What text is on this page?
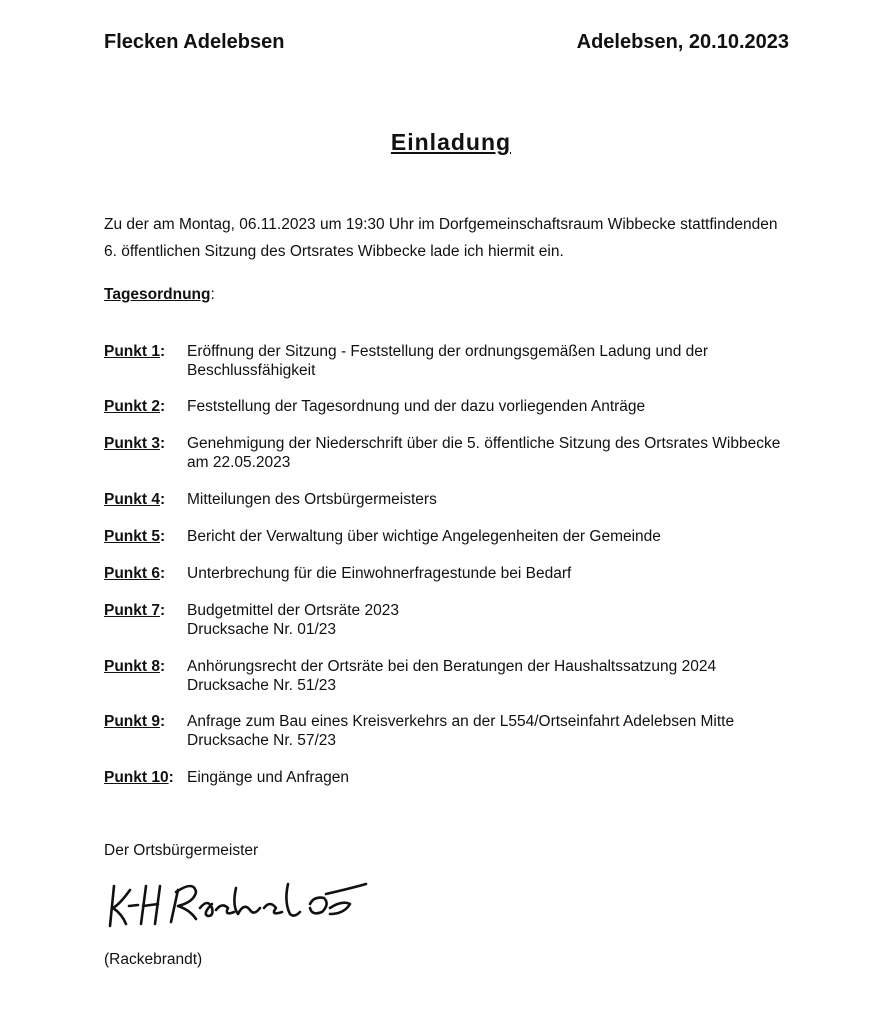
Flecken Adelebsen	Adelebsen, 20.10.2023
Einladung

Zu der am Montag, 06.11.2023 um 19:30 Uhr im Dorfgemeinschaftsraum Wibbecke stattfindenden

6. öffentlichen Sitzung des Ortsrates Wibbecke lade ich hiermit ein.

Tagesordnung:
Punkt 1: Eröffnung der Sitzung - Feststellung der ordnungsgemäßen Ladung und der
Beschlussfähigkeit
Punkt 2: Feststellung der Tagesordnung und der dazu vorliegenden Anträge
Punkt 3: Genehmigung der Niederschrift über die 5. öffentliche Sitzung des Ortsrates Wibbecke
am 22.05.2023
Punkt 4: Mitteilungen des Ortsbürgermeisters
Punkt 5: Bericht der Verwaltung über wichtige Angelegenheiten der Gemeinde
Punkt 6: Unterbrechung für die Einwohnerfragestunde bei Bedarf
Punkt 7: Budgetmittel der Ortsräte 2023
Drucksache Nr. 01/23
Punkt 8: Anhörungsrecht der Ortsräte bei den Beratungen der Haushaltssatzung 2024
Drucksache Nr. 51/23
Punkt 9: Anfrage zum Bau eines Kreisverkehrs an der L554/Ortseinfahrt Adelebsen Mitte
Drucksache Nr. 57/23
Punkt 10: Eingänge und Anfragen
Der Ortsbürgermeister
(Rackebrandt)
